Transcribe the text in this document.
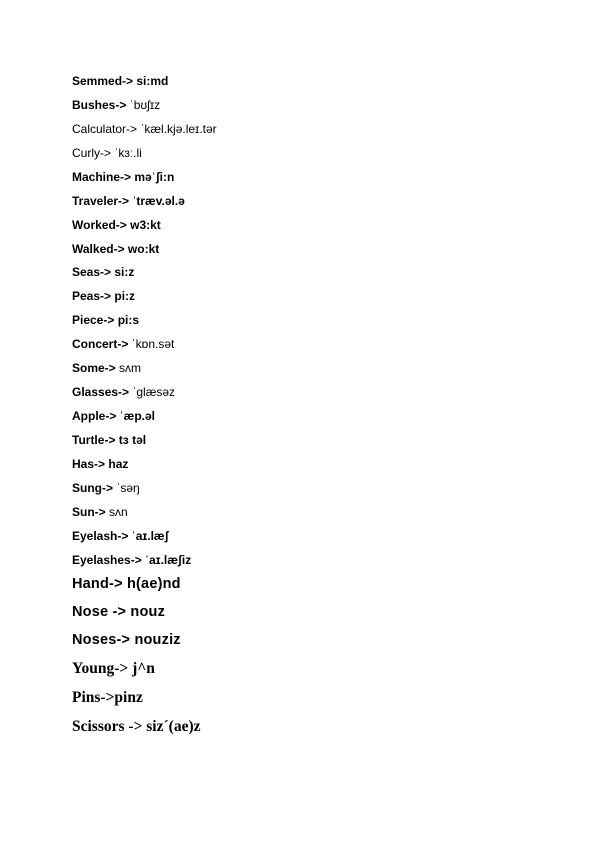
Semmed-> si:md
Bushes-> ˈbʊʃɪz
Calculator-> ˈkæl.kjə.leɪ.tər
Curly-> ˈkɜː.li
Machine-> məˈʃi:n
Traveler-> ˈtræv.əl.ə
Worked-> w3:kt
Walked-> wo:kt
Seas-> si:z
Peas-> pi:z
Piece-> pi:s
Concert-> ˈkɒn.sət
Some-> sʌm
Glasses-> ˈglæsəz
Apple-> ˈæp.əl
Turtle-> tɜ tǝl
Has-> haz
Sung-> ˈsəŋ
Sun-> sʌn
Eyelash-> ˈaɪ.læʃ
Eyelashes-> ˈaɪ.læʃiz
Hand-> h(ae)nd
Nose -> nouz
Noses-> nouziz
Young-> j^n
Pins->pinz
Scissors -> siz´(ae)z
